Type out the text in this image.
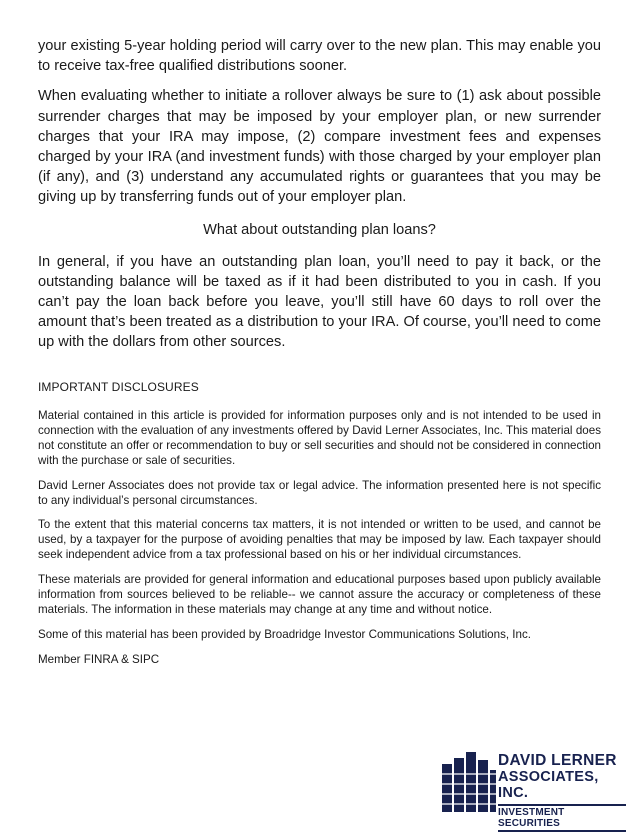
your existing 5-year holding period will carry over to the new plan. This may enable you to receive tax-free qualified distributions sooner.

When evaluating whether to initiate a rollover always be sure to (1) ask about possible surrender charges that may be imposed by your employer plan, or new surrender charges that your IRA may impose, (2) compare investment fees and expenses charged by your IRA (and investment funds) with those charged by your employer plan (if any), and (3) understand any accumulated rights or guarantees that you may be giving up by transferring funds out of your employer plan.

What about outstanding plan loans?

In general, if you have an outstanding plan loan, you’ll need to pay it back, or the outstanding balance will be taxed as if it had been distributed to you in cash. If you can’t pay the loan back before you leave, you’ll still have 60 days to roll over the amount that’s been treated as a distribution to your IRA. Of course, you’ll need to come up with the dollars from other sources.

IMPORTANT DISCLOSURES

Material contained in this article is provided for information purposes only and is not intended to be used in connection with the evaluation of any investments offered by David Lerner Associates, Inc. This material does not constitute an offer or recommendation to buy or sell securities and should not be considered in connection with the purchase or sale of securities.

David Lerner Associates does not provide tax or legal advice. The information presented here is not specific to any individual’s personal circumstances.

To the extent that this material concerns tax matters, it is not intended or written to be used, and cannot be used, by a taxpayer for the purpose of avoiding penalties that may be imposed by law. Each taxpayer should seek independent advice from a tax professional based on his or her individual circumstances.

These materials are provided for general information and educational purposes based upon publicly available information from sources believed to be reliable-- we cannot assure the accuracy or completeness of these materials. The information in these materials may change at any time and without notice.

Some of this material has been provided by Broadridge Investor Communications Solutions, Inc.

Member FINRA & SIPC

DAVID LERNER
ASSOCIATES, INC.
INVESTMENT SECURITIES
